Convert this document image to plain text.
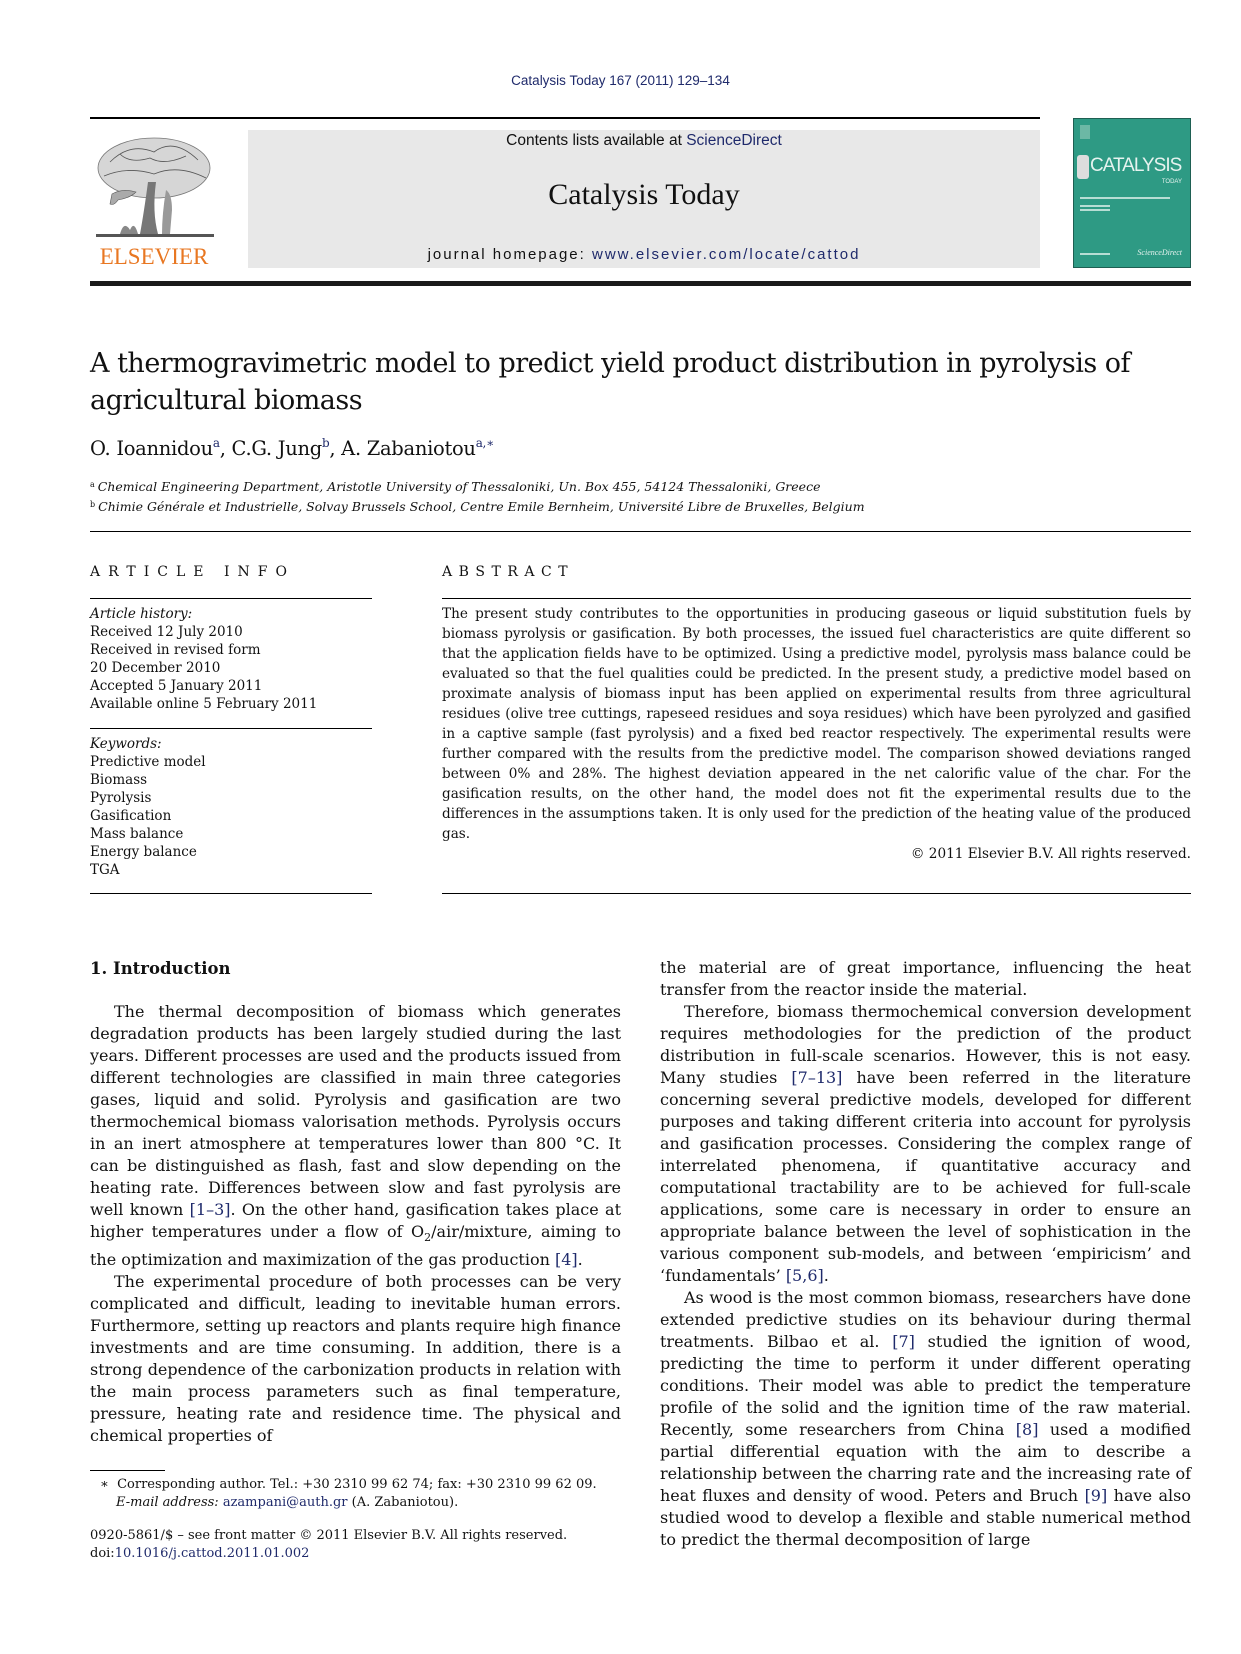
Catalysis Today 167 (2011) 129–134
ELSEVIER
Contents lists available at ScienceDirect
Catalysis Today
journal homepage: www.elsevier.com/locate/cattod
CATALYSIS
TODAY
ScienceDirect
A thermogravimetric model to predict yield product distribution in pyrolysis of agricultural biomass
O. Ioannidou$^a$, C.G. Jung$^b$, A. Zabaniotou$^{a,∗}$
$^a$ Chemical Engineering Department, Aristotle University of Thessaloniki, Un. Box 455, 54124 Thessaloniki, Greece
$^b$ Chimie Générale et Industrielle, Solvay Brussels School, Centre Emile Bernheim, Université Libre de Bruxelles, Belgium
ARTICLE INFO
Article history:
Received 12 July 2010
Received in revised form
20 December 2010
Accepted 5 January 2011
Available online 5 February 2011
Keywords:
Predictive model
Biomass
Pyrolysis
Gasification
Mass balance
Energy balance
TGA
ABSTRACT
The present study contributes to the opportunities in producing gaseous or liquid substitution fuels by biomass pyrolysis or gasification. By both processes, the issued fuel characteristics are quite different so that the application fields have to be optimized. Using a predictive model, pyrolysis mass balance could be evaluated so that the fuel qualities could be predicted. In the present study, a predictive model based on proximate analysis of biomass input has been applied on experimental results from three agricultural residues (olive tree cuttings, rapeseed residues and soya residues) which have been pyrolyzed and gasified in a captive sample (fast pyrolysis) and a fixed bed reactor respectively. The experimental results were further compared with the results from the predictive model. The comparison showed deviations ranged between 0% and 28%. The highest deviation appeared in the net calorific value of the char. For the gasification results, on the other hand, the model does not fit the experimental results due to the differences in the assumptions taken. It is only used for the prediction of the heating value of the produced gas.
© 2011 Elsevier B.V. All rights reserved.
1. Introduction

The thermal decomposition of biomass which generates degradation products has been largely studied during the last years. Different processes are used and the products issued from different technologies are classified in main three categories gases, liquid and solid. Pyrolysis and gasification are two thermochemical biomass valorisation methods. Pyrolysis occurs in an inert atmosphere at temperatures lower than 800 °C. It can be distinguished as flash, fast and slow depending on the heating rate. Differences between slow and fast pyrolysis are well known [1–3]. On the other hand, gasification takes place at higher temperatures under a flow of $O_2/air$/mixture, aiming to the optimization and maximization of the gas production [4].

The experimental procedure of both processes can be very complicated and difficult, leading to inevitable human errors. Furthermore, setting up reactors and plants require high finance investments and are time consuming. In addition, there is a strong dependence of the carbonization products in relation with the main process parameters such as final temperature, pressure, heating rate and residence time. The physical and chemical properties of

the material are of great importance, influencing the heat transfer from the reactor inside the material.

Therefore, biomass thermochemical conversion development requires methodologies for the prediction of the product distribution in full-scale scenarios. However, this is not easy. Many studies [7–13] have been referred in the literature concerning several predictive models, developed for different purposes and taking different criteria into account for pyrolysis and gasification processes. Considering the complex range of interrelated phenomena, if quantitative accuracy and computational tractability are to be achieved for full-scale applications, some care is necessary in order to ensure an appropriate balance between the level of sophistication in the various component sub-models, and between ‘empiricism’ and ‘fundamentals’ [5,6].

As wood is the most common biomass, researchers have done extended predictive studies on its behaviour during thermal treatments. Bilbao et al. [7] studied the ignition of wood, predicting the time to perform it under different operating conditions. Their model was able to predict the temperature profile of the solid and the ignition time of the raw material. Recently, some researchers from China [8] used a modified partial differential equation with the aim to describe a relationship between the charring rate and the increasing rate of heat fluxes and density of wood. Peters and Bruch [9] have also studied wood to develop a flexible and stable numerical method to predict the thermal decomposition of large

∗ Corresponding author. Tel.: +30 2310 99 62 74; fax: +30 2310 99 62 09.
E-mail address: azampani@auth.gr (A. Zabaniotou).
0920-5861/$ – see front matter © 2011 Elsevier B.V. All rights reserved.
doi:10.1016/j.cattod.2011.01.002
